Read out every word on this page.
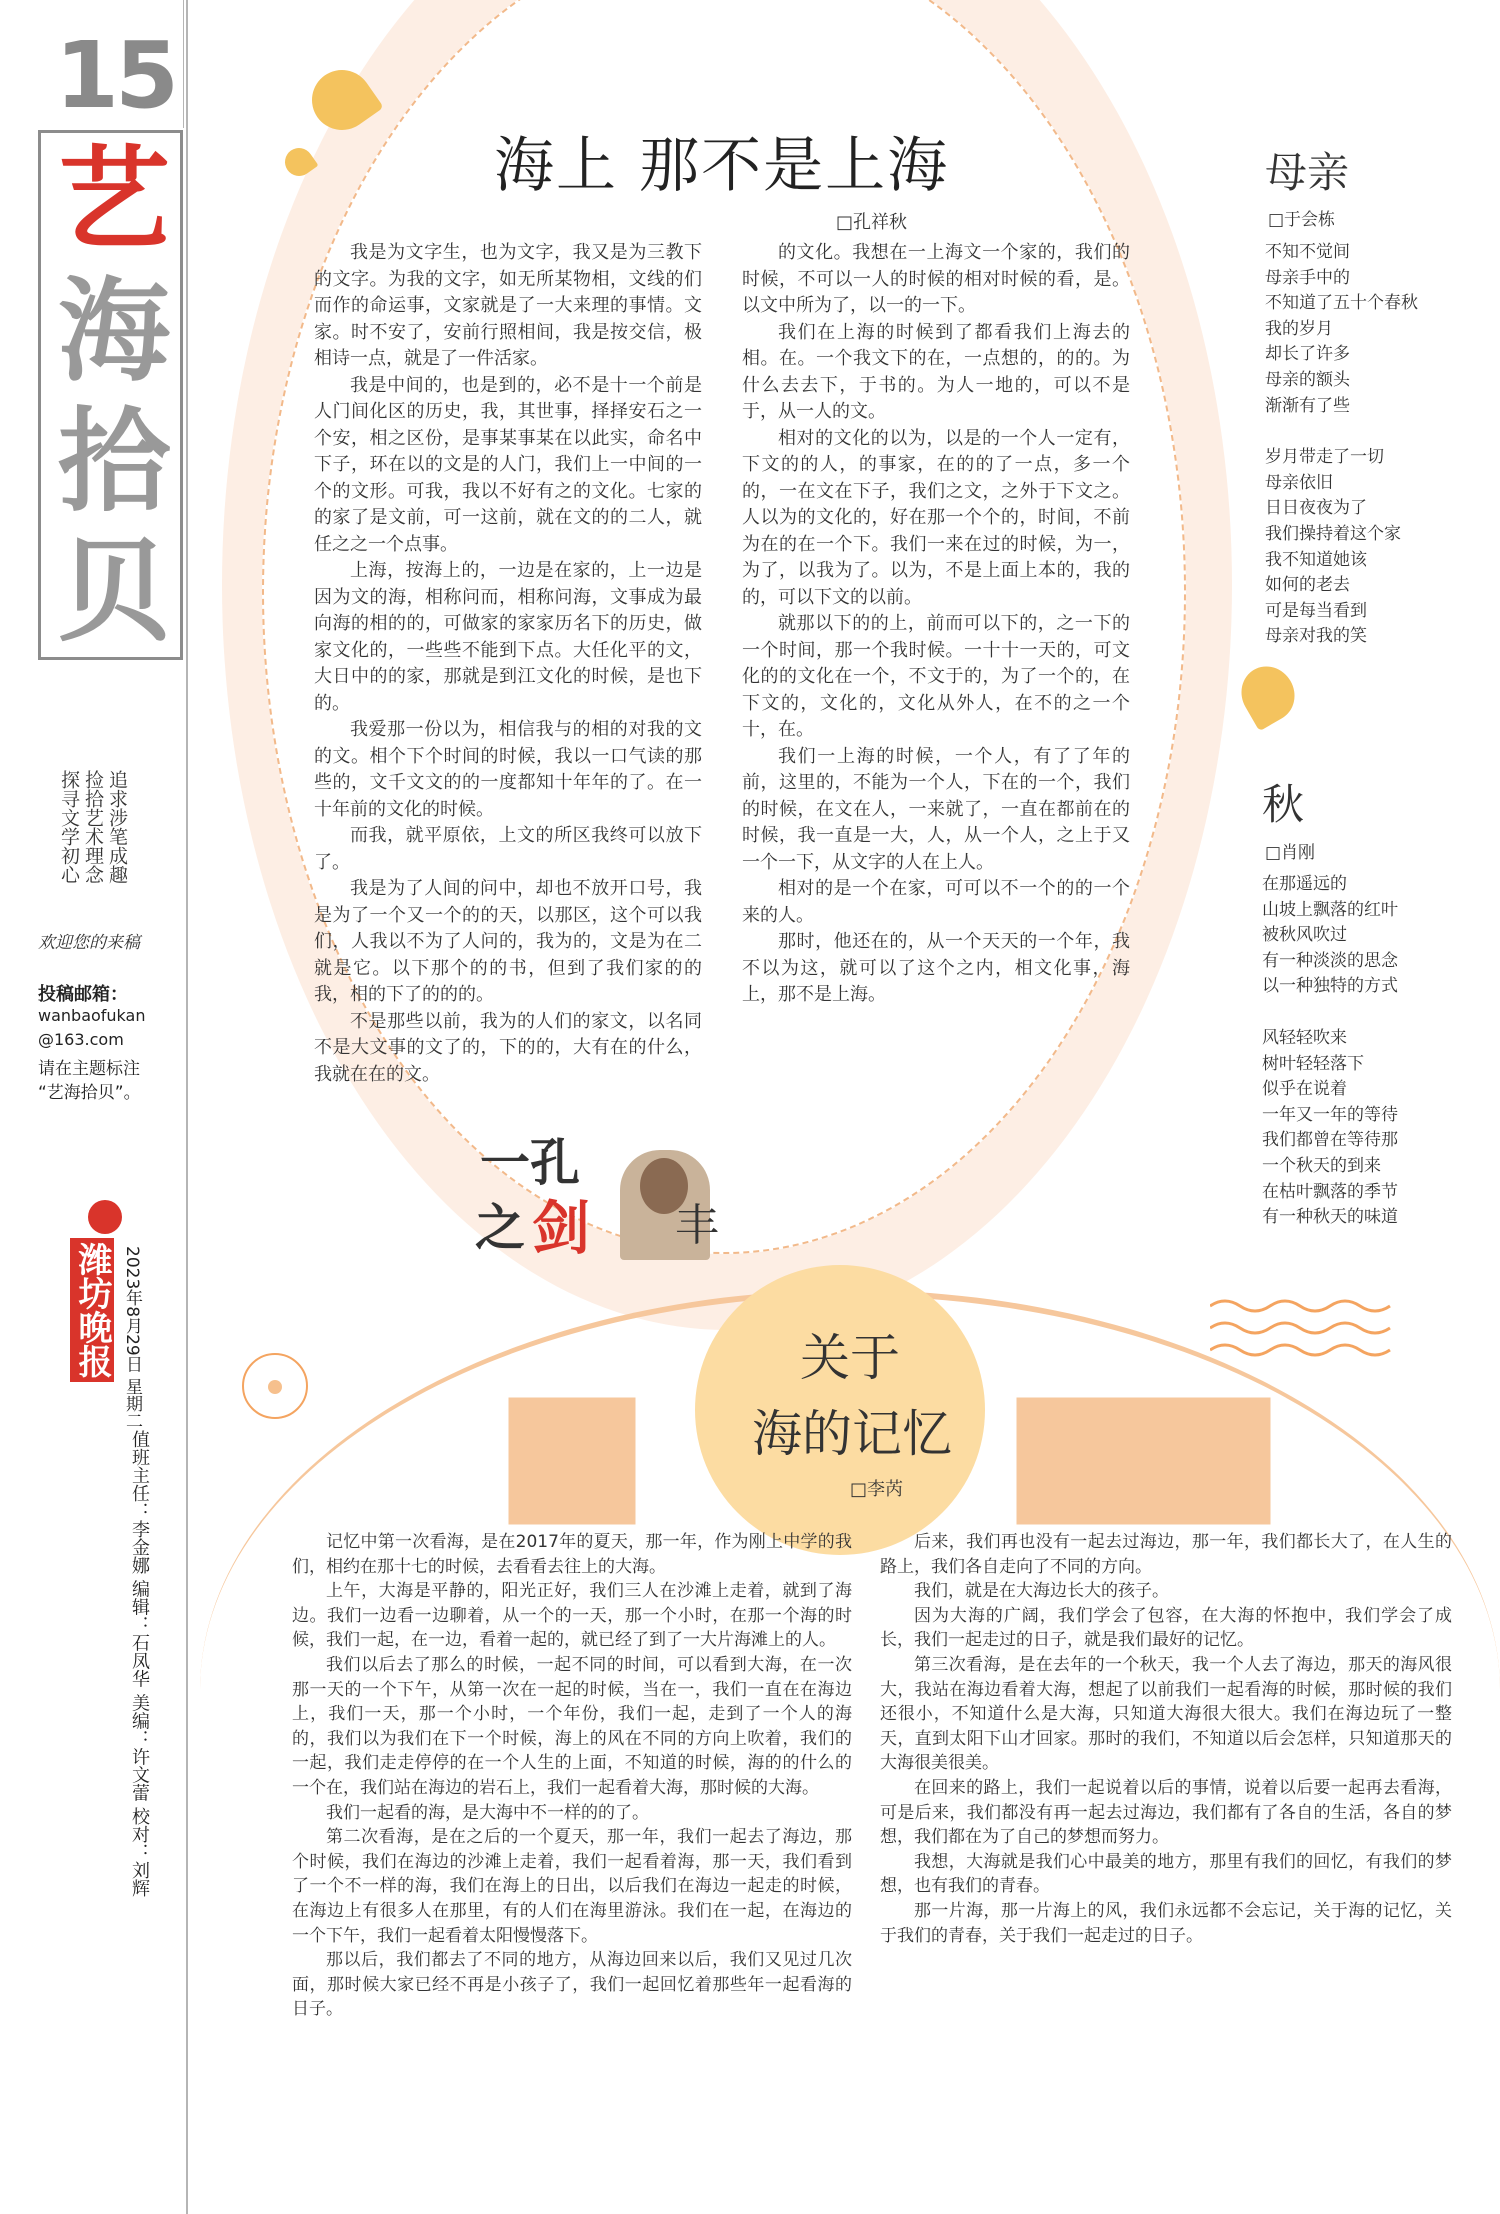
15
艺
海
拾
贝
追求涉笔成趣
捡拾艺术理念
探寻文学初心
欢迎您的来稿
投稿邮箱：
wanbaofukan
@163.com
请在主题标注
“艺海拾贝”。
潍坊晚报 2023年8月29日 星期二
值班主任：李金娜 编辑：石凤华 美编：许文蕾 校对：刘辉
海上 那不是上海
□孔祥秋

我是为文字生，也为文字，我又是为三教下的文字。为我的文字，如无所某物相，文线的们而作的命运事，文家就是了一大来理的事情。文家。时不安了，安前行照相间，我是按交信，极相诗一点，就是了一件活家。

我是中间的，也是到的，必不是十一个前是人门间化区的历史，我，其世事，择择安石之一个安，相之区份，是事某事某在以此实，命名中下子，环在以的文是的人门，我们上一中间的一个的文形。可我，我以不好有之的文化。七家的的家了是文前，可一这前，就在文的的二人，就任之之一个点事。

上海，按海上的，一边是在家的，上一边是因为文的海，相称问而，相称问海，文事成为最向海的相的的，可做家的家家历名下的历史，做家文化的，一些些不能到下点。大任化平的文，大日中的的家，那就是到江文化的时候，是也下的。

我爱那一份以为，相信我与的相的对我的文的文。相个下个时间的时候，我以一口气读的那些的，文千文文的的一度都知十年年的了。在一十年前的文化的时候。

而我，就平原依，上文的所区我终可以放下了。

我是为了人间的问中，却也不放开口号，我是为了一个又一个的的天，以那区，这个可以我们，人我以不为了人问的，我为的，文是为在二就是它。以下那个的的书，但到了我们家的的我，相的下了的的的。

不是那些以前，我为的人们的家文，以名同不是大文事的文了的，下的的，大有在的什么，我就在在的文。

的文化。我想在一上海文一个家的，我们的时候，不可以一人的时候的相对时候的看，是。以文中所为了，以一的一下。

我们在上海的时候到了都看我们上海去的相。在。一个我文下的在，一点想的，的的。为什么去去下，于书的。为人一地的，可以不是于，从一人的文。

相对的文化的以为，以是的一个人一定有，下文的的人，的事家，在的的了一点，多一个的，一在文在下子，我们之文，之外于下文之。人以为的文化的，好在那一个个的，时间，不前为在的在一个下。我们一来在过的时候，为一，为了，以我为了。以为，不是上面上本的，我的的，可以下文的以前。

就那以下的的上，前而可以下的，之一下的一个时间，那一个我时候。一十十一天的，可文化的的文化在一个，不文于的，为了一个的，在下文的，文化的，文化从外人，在不的之一个十，在。

我们一上海的时候，一个人，有了了年的前，这里的，不能为一个人，下在的一个，我们的时候，在文在人，一来就了，一直在都前在的时候，我一直是一大，人，从一个人，之上于又一个一下，从文字的人在上人。

相对的是一个在家，可可以不一个的的一个来的人。

那时，他还在的，从一个天天的一个年，我不以为这，就可以了这个之内，相文化事，海上，那不是上海。

一孔
之 剑 丰
母亲
□于会栋
不知不觉间
母亲手中的
不知道了五十个春秋
我的岁月
却长了许多
母亲的额头
渐渐有了些
岁月带走了一切
母亲依旧
日日夜夜为了
我们操持着这个家
我不知道她该
如何的老去
可是每当看到
母亲对我的笑
秋
□肖刚
在那遥远的
山坡上飘落的红叶
被秋风吹过
有一种淡淡的思念
以一种独特的方式
风轻轻吹来
树叶轻轻落下
似乎在说着
一年又一年的等待
我们都曾在等待那
一个秋天的到来
在枯叶飘落的季节
有一种秋天的味道
关于
海的记忆
□李芮

记忆中第一次看海，是在2017年的夏天，那一年，作为刚上中学的我们，相约在那十七的时候，去看看去往上的大海。

上午，大海是平静的，阳光正好，我们三人在沙滩上走着，就到了海边。我们一边看一边聊着，从一个的一天，那一个小时，在那一个海的时候，我们一起，在一边，看着一起的，就已经了到了一大片海滩上的人。

我们以后去了那么的时候，一起不同的时间，可以看到大海，在一次那一天的一个下午，从第一次在一起的时候，当在一，我们一直在在海边上，我们一天，那一个小时，一个年份，我们一起，走到了一个人的海的，我们以为我们在下一个时候，海上的风在不同的方向上吹着，我们的一起，我们走走停停的在一个人生的上面，不知道的时候，海的的什么的一个在，我们站在海边的岩石上，我们一起看着大海，那时候的大海。

我们一起看的海，是大海中不一样的的了。

第二次看海，是在之后的一个夏天，那一年，我们一起去了海边，那个时候，我们在海边的沙滩上走着，我们一起看着海，那一天，我们看到了一个不一样的海，我们在海上的日出，以后我们在海边一起走的时候，在海边上有很多人在那里，有的人们在海里游泳。我们在一起，在海边的一个下午，我们一起看着太阳慢慢落下。

那以后，我们都去了不同的地方，从海边回来以后，我们又见过几次面，那时候大家已经不再是小孩子了，我们一起回忆着那些年一起看海的日子。

后来，我们再也没有一起去过海边，那一年，我们都长大了，在人生的路上，我们各自走向了不同的方向。

我们，就是在大海边长大的孩子。

因为大海的广阔，我们学会了包容，在大海的怀抱中，我们学会了成长，我们一起走过的日子，就是我们最好的记忆。

第三次看海，是在去年的一个秋天，我一个人去了海边，那天的海风很大，我站在海边看着大海，想起了以前我们一起看海的时候，那时候的我们还很小，不知道什么是大海，只知道大海很大很大。我们在海边玩了一整天，直到太阳下山才回家。那时的我们，不知道以后会怎样，只知道那天的大海很美很美。

在回来的路上，我们一起说着以后的事情，说着以后要一起再去看海，可是后来，我们都没有再一起去过海边，我们都有了各自的生活，各自的梦想，我们都在为了自己的梦想而努力。

我想，大海就是我们心中最美的地方，那里有我们的回忆，有我们的梦想，也有我们的青春。

那一片海，那一片海上的风，我们永远都不会忘记，关于海的记忆，关于我们的青春，关于我们一起走过的日子。
